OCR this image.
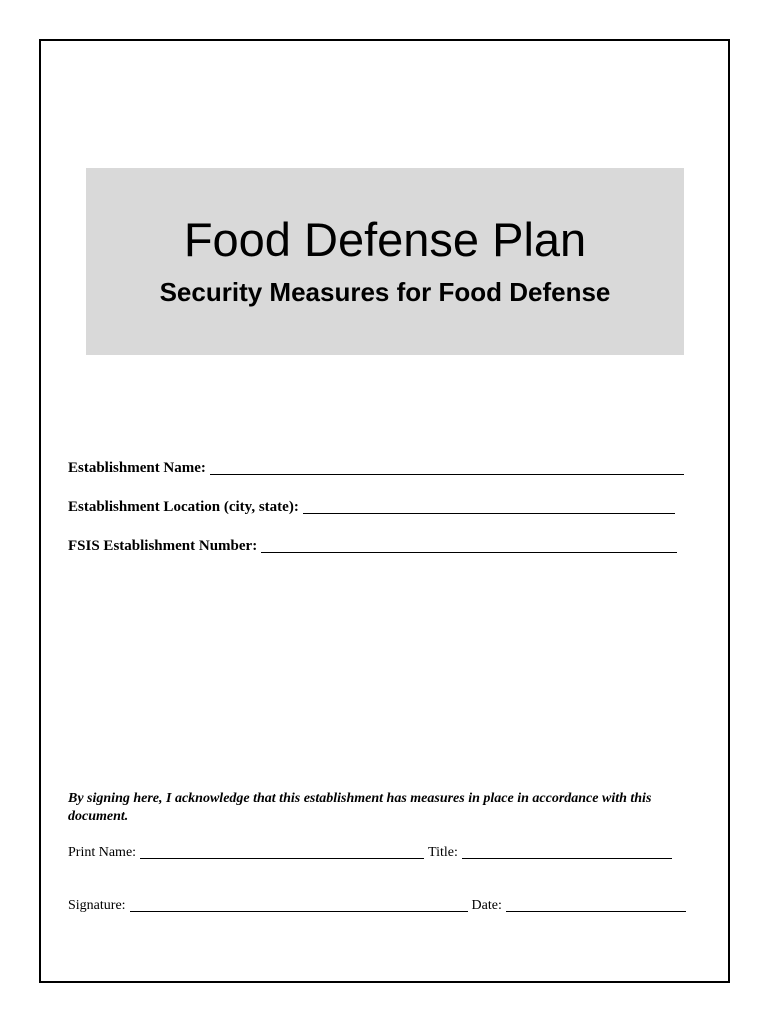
Food Defense Plan
Security Measures for Food Defense
Establishment Name:
Establishment Location (city, state):
FSIS Establishment Number:
By signing here, I acknowledge that this establishment has measures in place in accordance with this document.
Print Name:	Title:
Signature:	Date:
